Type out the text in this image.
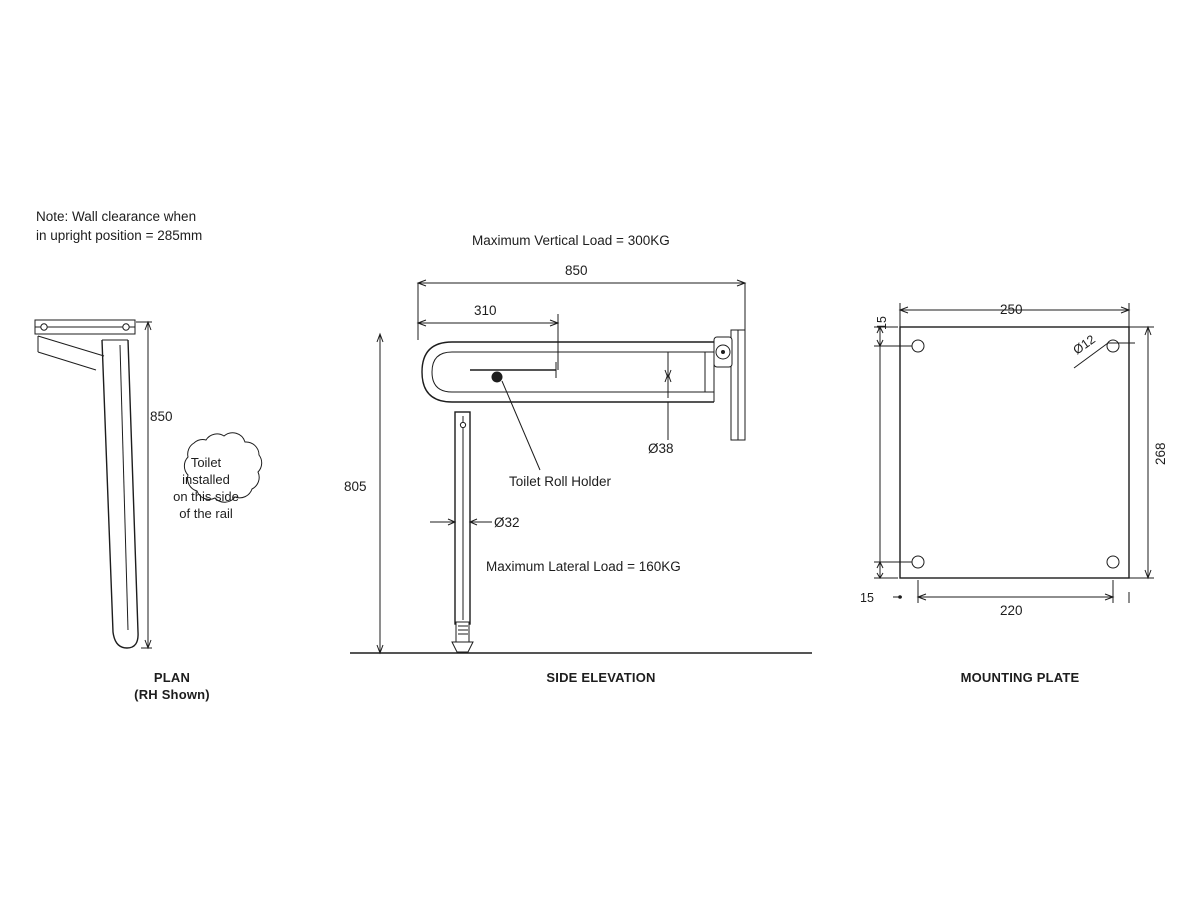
Note: Wall clearance when
in upright position = 285mm
850
Toilet
installed
on this side
of the rail
PLAN
(RH Shown)
Maximum Vertical Load = 300KG
850
310
805
Ø38
Ø32
Toilet Roll Holder
Maximum Lateral Load = 160KG
SIDE ELEVATION
250
268
220
15
15
Ø12
MOUNTING PLATE
